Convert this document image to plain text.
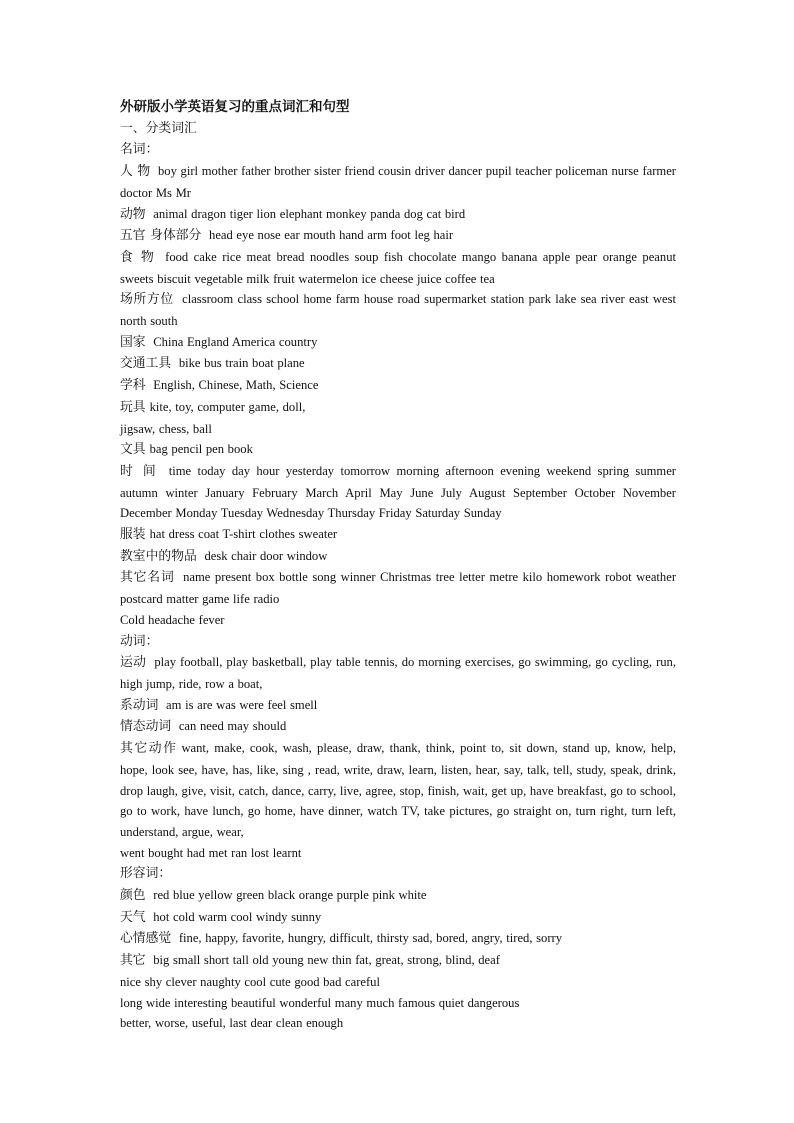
外研版小学英语复习的重点词汇和句型
一、分类词汇
名词：
人 物 boy girl mother father brother sister friend cousin driver dancer pupil teacher policeman nurse farmer doctor Ms Mr
动物 animal dragon tiger lion elephant monkey panda dog cat bird
五官 身体部分 head eye nose ear mouth hand arm foot leg hair
食 物 food cake rice meat bread noodles soup fish chocolate mango banana apple pear orange peanut sweets biscuit vegetable milk fruit watermelon ice cheese juice coffee tea
场所方位 classroom class school home farm house road supermarket station park lake sea river east west north south
国家 China England America country
交通工具 bike bus train boat plane
学科 English, Chinese, Math, Science
玩具 kite, toy, computer game, doll,
jigsaw, chess, ball
文具 bag pencil pen book
时 间 time today day hour yesterday tomorrow morning afternoon evening weekend spring summer autumn winter January February March April May June July August September October November December Monday Tuesday Wednesday Thursday Friday Saturday Sunday
服装 hat dress coat T-shirt clothes sweater
教室中的物品 desk chair door window
其它名词 name present box bottle song winner Christmas tree letter metre kilo homework robot weather postcard matter game life radio
Cold headache fever
动词：
运动 play football, play basketball, play table tennis, do morning exercises, go swimming, go cycling, run, high jump, ride, row a boat,
系动词 am is are was were feel smell
情态动词 can need may should
其它动作 want, make, cook, wash, please, draw, thank, think, point to, sit down, stand up, know, help, hope, look see, have, has, like, sing , read, write, draw, learn, listen, hear, say, talk, tell, study, speak, drink, drop laugh, give, visit, catch, dance, carry, live, agree, stop, finish, wait, get up, have breakfast, go to school, go to work, have lunch, go home, have dinner, watch TV, take pictures, go straight on, turn right, turn left, understand, argue, wear,
went bought had met ran lost learnt
形容词：
颜色 red blue yellow green black orange purple pink white
天气 hot cold warm cool windy sunny
心情感觉 fine, happy, favorite, hungry, difficult, thirsty sad, bored, angry, tired, sorry
其它 big small short tall old young new thin fat, great, strong, blind, deaf
nice shy clever naughty cool cute good bad careful
long wide interesting beautiful wonderful many much famous quiet dangerous
better, worse, useful, last dear clean enough
